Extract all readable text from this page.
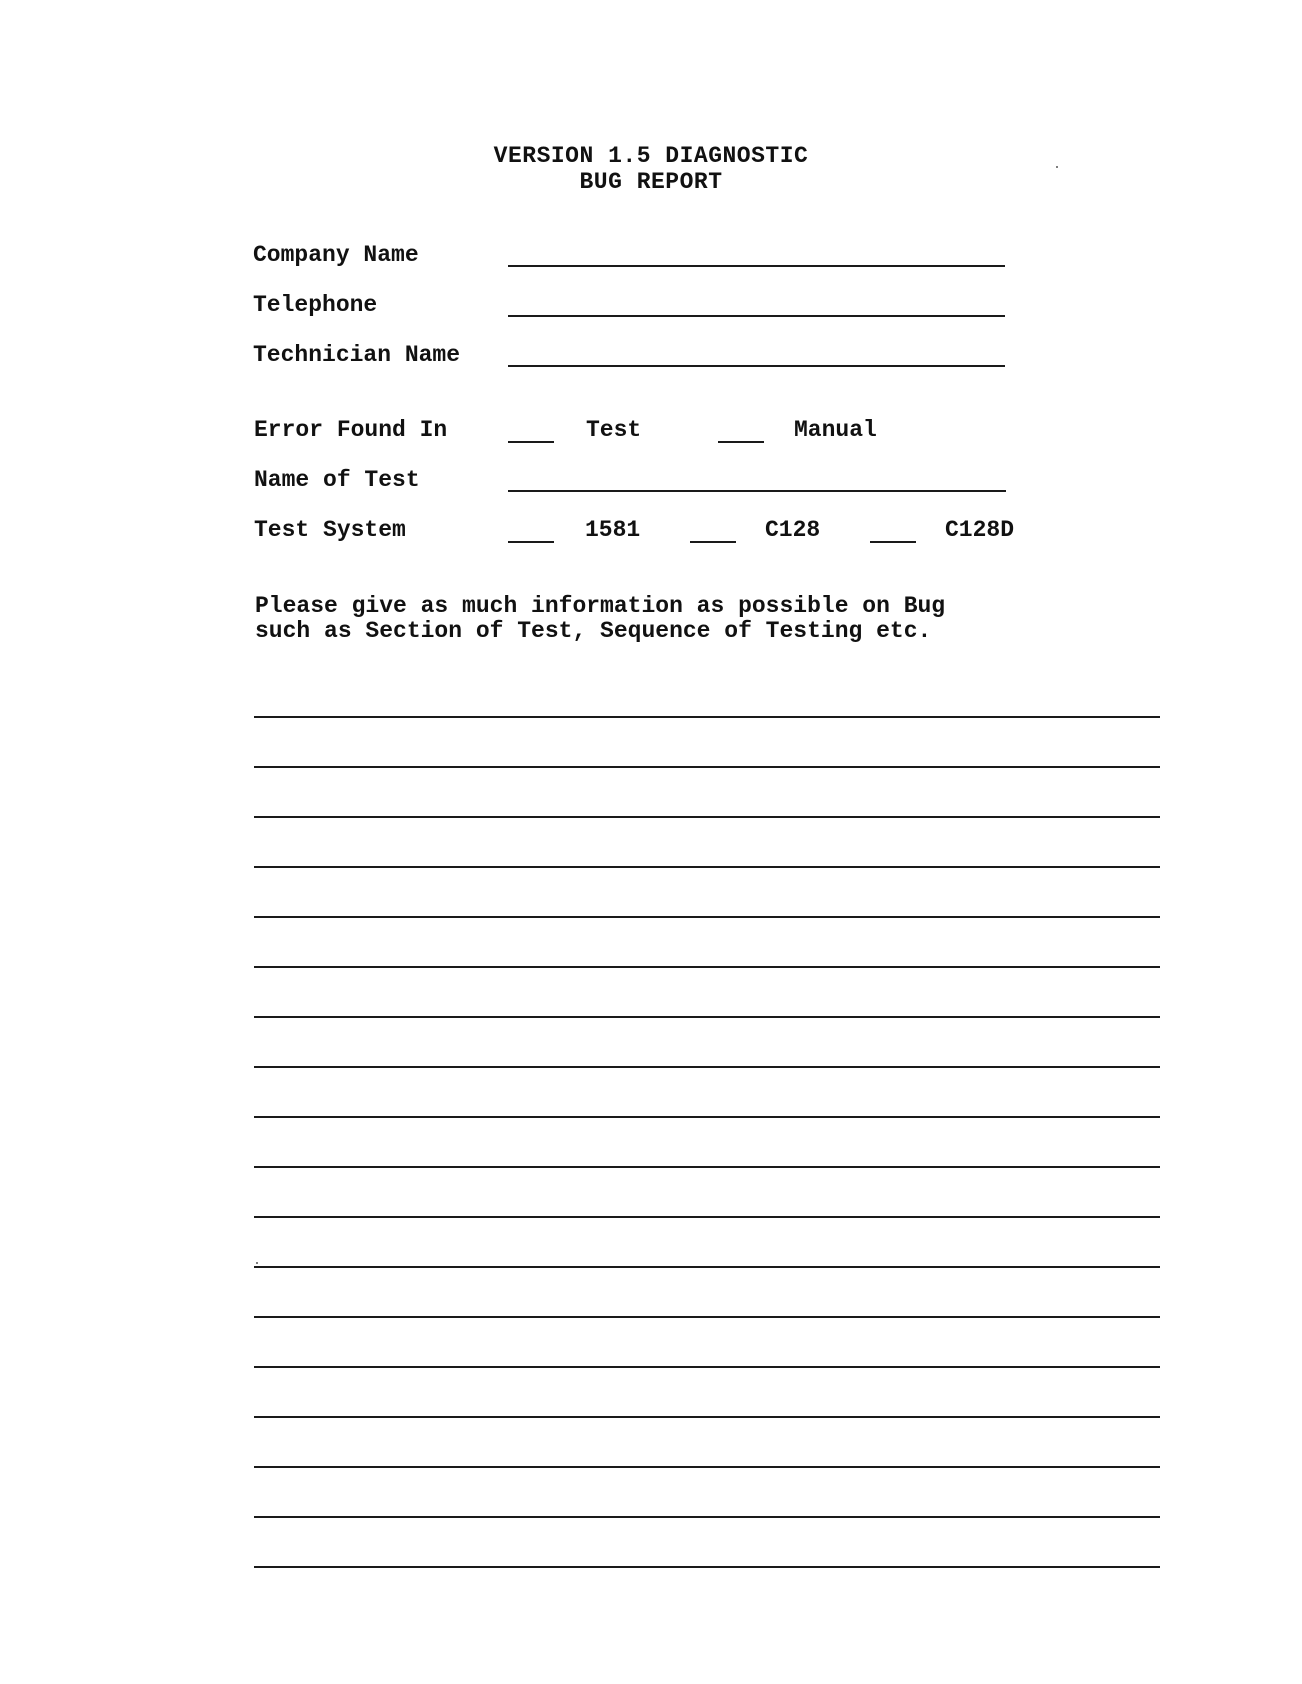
VERSION 1.5 DIAGNOSTIC
BUG REPORT
Company Name
Telephone
Technician Name
Error Found In	Test	Manual
Name of Test
Test System	1581	C128	C128D
Please give as much information as possible on Bug
such as Section of Test, Sequence of Testing etc.
